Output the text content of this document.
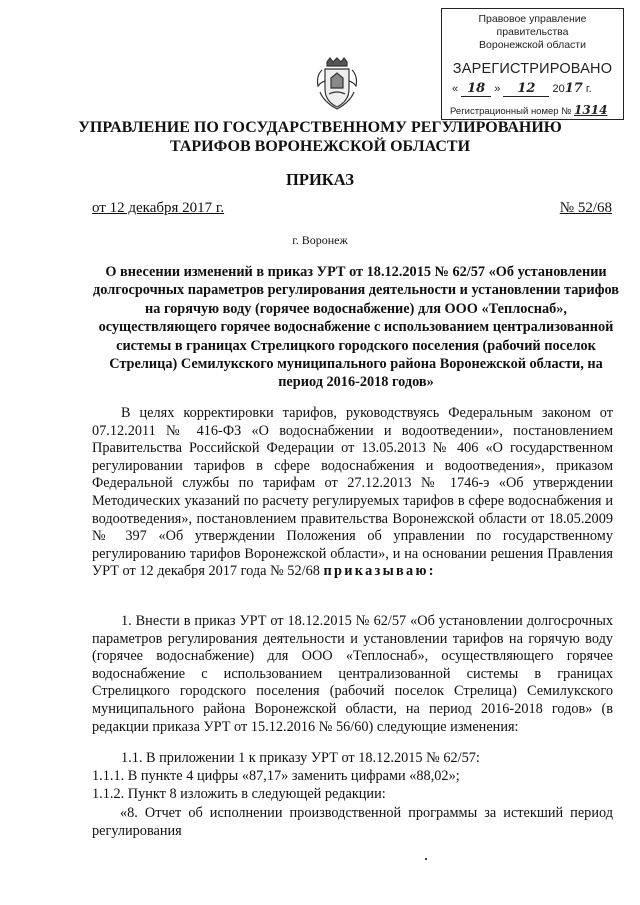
Правовое управление правительства
Воронежской области
ЗАРЕГИСТРИРОВАНО
« 18 » 12 2017 г.
Регистрационный номер № 1314
УПРАВЛЕНИЕ ПО ГОСУДАРСТВЕННОМУ РЕГУЛИРОВАНИЮ
ТАРИФОВ ВОРОНЕЖСКОЙ ОБЛАСТИ
ПРИКАЗ
от 12 декабря 2017 г.	№ 52/68
г. Воронеж
О внесении изменений в приказ УРТ от 18.12.2015 № 62/57 «Об установлении долгосрочных параметров регулирования деятельности и установлении тарифов на горячую воду (горячее водоснабжение) для ООО «Теплоснаб», осуществляющего горячее водоснабжение с использованием централизованной системы в границах Стрелицкого городского поселения (рабочий поселок Стрелица) Семилукского муниципального района Воронежской области, на период 2016-2018 годов»
В целях корректировки тарифов, руководствуясь Федеральным законом от 07.12.2011 № 416-ФЗ «О водоснабжении и водоотведении», постановлением Правительства Российской Федерации от 13.05.2013 № 406 «О государственном регулировании тарифов в сфере водоснабжения и водоотведения», приказом Федеральной службы по тарифам от 27.12.2013 № 1746-э «Об утверждении Методических указаний по расчету регулируемых тарифов в сфере водоснабжения и водоотведения», постановлением правительства Воронежской области от 18.05.2009 № 397 «Об утверждении Положения об управлении по государственному регулированию тарифов Воронежской области», и на основании решения Правления УРТ от 12 декабря 2017 года № 52/68 приказываю:
1. Внести в приказ УРТ от 18.12.2015 № 62/57 «Об установлении долгосрочных параметров регулирования деятельности и установлении тарифов на горячую воду (горячее водоснабжение) для ООО «Теплоснаб», осуществляющего горячее водоснабжение с использованием централизованной системы в границах Стрелицкого городского поселения (рабочий поселок Стрелица) Семилукского муниципального района Воронежской области, на период 2016-2018 годов» (в редакции приказа УРТ от 15.12.2016 № 56/60) следующие изменения:
1.1. В приложении 1 к приказу УРТ от 18.12.2015 № 62/57:
1.1.1. В пункте 4 цифры «87,17» заменить цифрами «88,02»;
1.1.2. Пункт 8 изложить в следующей редакции:
«8. Отчет об исполнении производственной программы за истекший период регулирования
